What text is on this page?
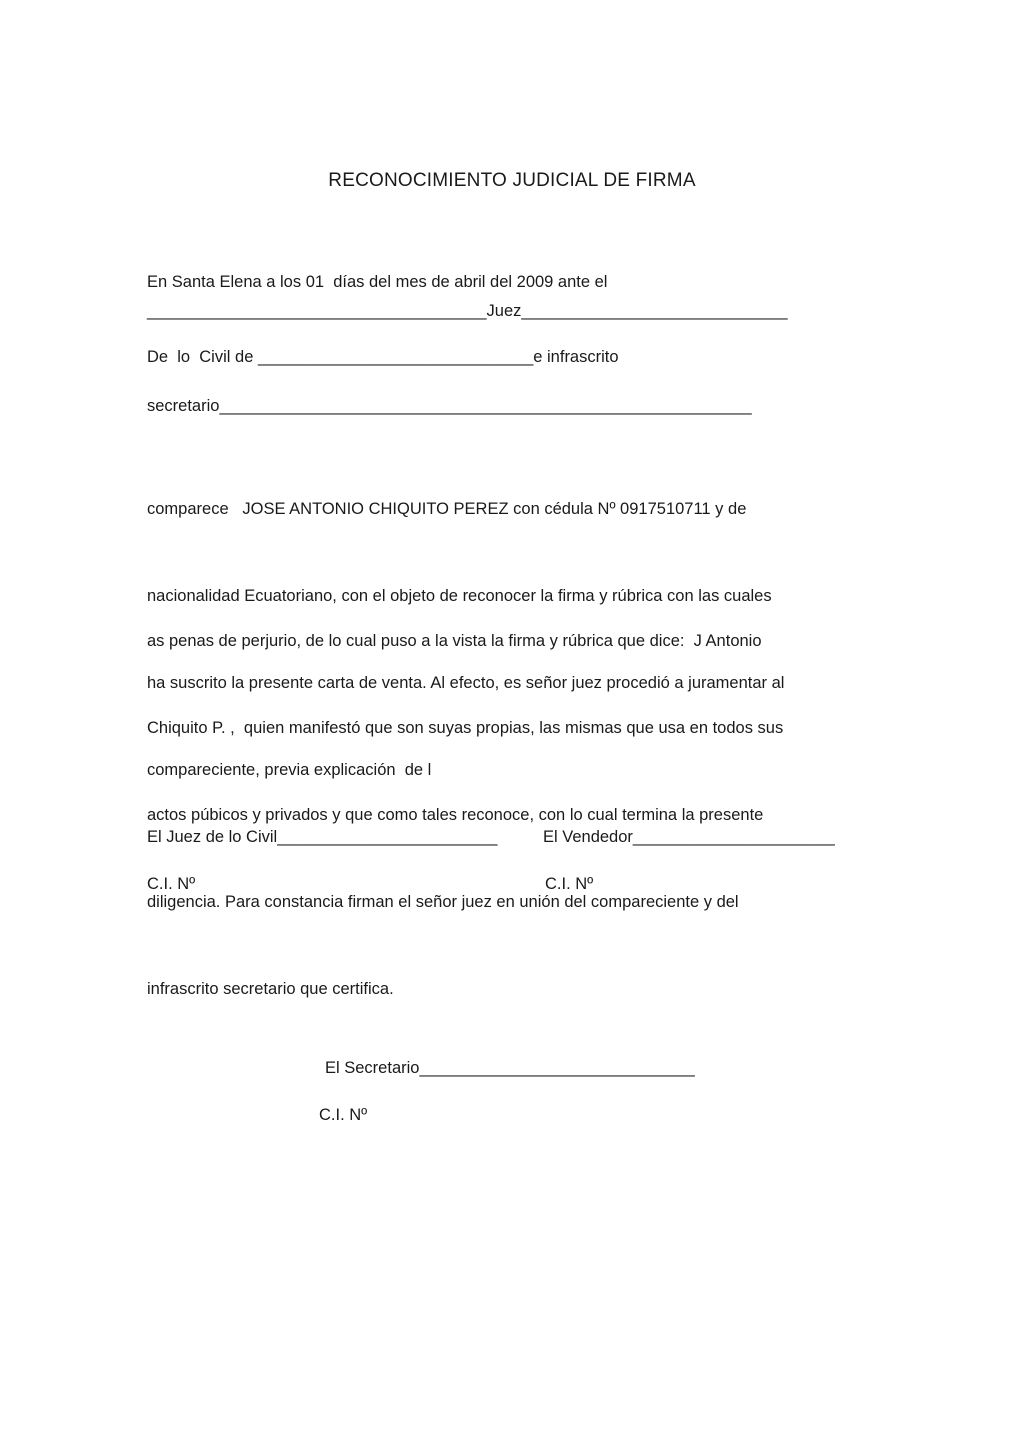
RECONOCIMIENTO JUDICIAL DE FIRMA
En Santa Elena a los 01  días del mes de abril del 2009 ante el
_____________________________________Juez_____________________________
De  lo  Civil de ______________________________e infrascrito
secretario__________________________________________________________

comparece   JOSE ANTONIO CHIQUITO PEREZ con cédula Nº 0917510711 y de

nacionalidad Ecuatoriano, con el objeto de reconocer la firma y rúbrica con las cuales

ha suscrito la presente carta de venta. Al efecto, es señor juez procedió a juramentar al

compareciente, previa explicación  de l

as penas de perjurio, de lo cual puso a la vista la firma y rúbrica que dice:  J Antonio

Chiquito P. ,  quien manifestó que son suyas propias, las mismas que usa en todos sus

actos púbicos y privados y que como tales reconoce, con lo cual termina la presente

diligencia. Para constancia firman el señor juez en unión del compareciente y del

infrascrito secretario que certifica.

El Juez de lo Civil________________________	El Vendedor______________________
C.I. Nº	C.I. Nº
El Secretario______________________________
C.I. Nº
